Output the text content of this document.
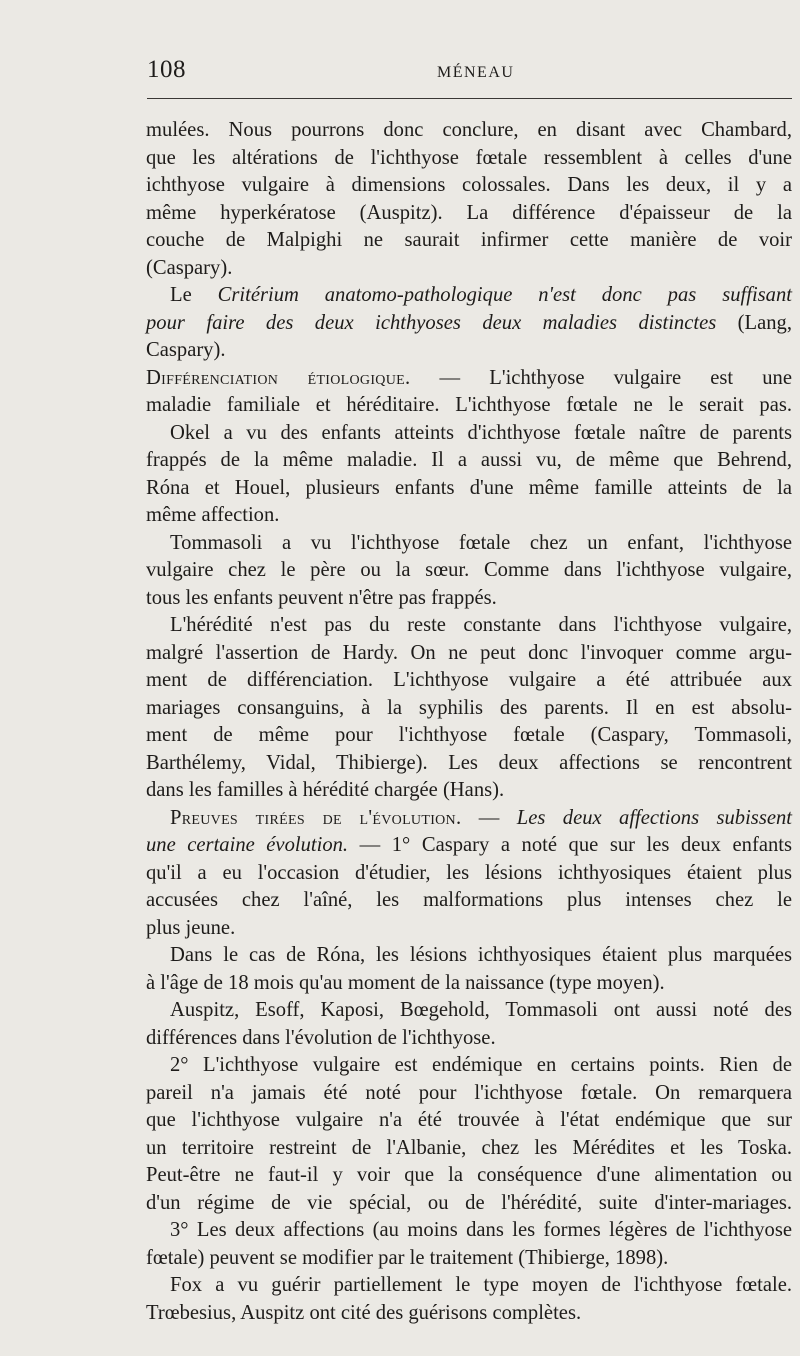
108	MÉNEAU

mulées. Nous pourrons donc conclure, en disant avec Chambard,

que les altérations de l'ichthyose fœtale ressemblent à celles d'une

ichthyose vulgaire à dimensions colossales. Dans les deux, il y a

même hyperkératose (Auspitz). La différence d'épaisseur de la

couche de Malpighi ne saurait infirmer cette manière de voir

(Caspary).

Le Critérium anatomo-pathologique n'est donc pas suffisant

pour faire des deux ichthyoses deux maladies distinctes (Lang,

Caspary).

Différenciation étiologique. — L'ichthyose vulgaire est une

maladie familiale et héréditaire. L'ichthyose fœtale ne le serait pas.

Okel a vu des enfants atteints d'ichthyose fœtale naître de parents

frappés de la même maladie. Il a aussi vu, de même que Behrend,

Róna et Houel, plusieurs enfants d'une même famille atteints de la

même affection.

Tommasoli a vu l'ichthyose fœtale chez un enfant, l'ichthyose

vulgaire chez le père ou la sœur. Comme dans l'ichthyose vulgaire,

tous les enfants peuvent n'être pas frappés.

L'hérédité n'est pas du reste constante dans l'ichthyose vulgaire,

malgré l'assertion de Hardy. On ne peut donc l'invoquer comme argu-

ment de différenciation. L'ichthyose vulgaire a été attribuée aux

mariages consanguins, à la syphilis des parents. Il en est absolu-

ment de même pour l'ichthyose fœtale (Caspary, Tommasoli,

Barthélemy, Vidal, Thibierge). Les deux affections se rencontrent

dans les familles à hérédité chargée (Hans).

Preuves tirées de l'évolution. — Les deux affections subissent

une certaine évolution. — 1° Caspary a noté que sur les deux enfants

qu'il a eu l'occasion d'étudier, les lésions ichthyosiques étaient plus

accusées chez l'aîné, les malformations plus intenses chez le

plus jeune.

Dans le cas de Róna, les lésions ichthyosiques étaient plus marquées

à l'âge de 18 mois qu'au moment de la naissance (type moyen).

Auspitz, Esoff, Kaposi, Bœgehold, Tommasoli ont aussi noté des

différences dans l'évolution de l'ichthyose.

2° L'ichthyose vulgaire est endémique en certains points. Rien de

pareil n'a jamais été noté pour l'ichthyose fœtale. On remarquera

que l'ichthyose vulgaire n'a été trouvée à l'état endémique que sur

un territoire restreint de l'Albanie, chez les Mérédites et les Toska.

Peut-être ne faut-il y voir que la conséquence d'une alimentation ou

d'un régime de vie spécial, ou de l'hérédité, suite d'inter-mariages.

3° Les deux affections (au moins dans les formes légères de l'ichthyose

fœtale) peuvent se modifier par le traitement (Thibierge, 1898).

Fox a vu guérir partiellement le type moyen de l'ichthyose fœtale.

Trœbesius, Auspitz ont cité des guérisons complètes.
